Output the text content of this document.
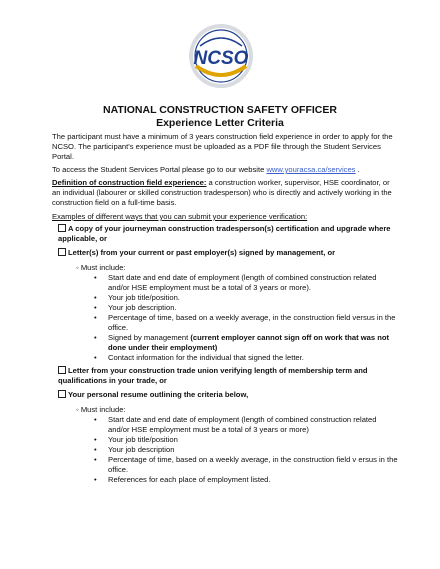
NCSO
NATIONAL CONSTRUCTION SAFETY OFFICER
Experience Letter Criteria
The participant must have a minimum of 3 years construction field experience in order to apply for the NCSO. The participant's experience must be uploaded as a PDF file through the Student Services Portal.
To access the Student Services Portal please go to our website www.youracsa.ca/services .
Definition of construction field experience: a construction worker, supervisor, HSE coordinator, or an individual (labourer or skilled construction tradesperson) who is directly and actively working in the construction field on a full-time basis.
Examples of different ways that you can submit your experience verification:
A copy of your journeyman construction tradesperson(s) certification and upgrade where applicable, or
Letter(s) from your current or past employer(s) signed by management, or
◦ Must include:
• Start date and end date of employment (length of combined construction related and/or HSE employment must be a total of 3 years or more).
• Your job title/position.
• Your job description.
• Percentage of time, based on a weekly average, in the construction field versus in the office.
• Signed by management (current employer cannot sign off on work that was not done under their employment)
• Contact information for the individual that signed the letter.
Letter from your construction trade union verifying length of membership term and qualifications in your trade, or
Your personal resume outlining the criteria below,
◦ Must include:
• Start date and end date of employment (length of combined construction related and/or HSE employment must be a total of 3 years or more)
• Your job title/position
• Your job description
• Percentage of time, based on a weekly average, in the construction field v ersus in the office.
• References for each place of employment listed.
